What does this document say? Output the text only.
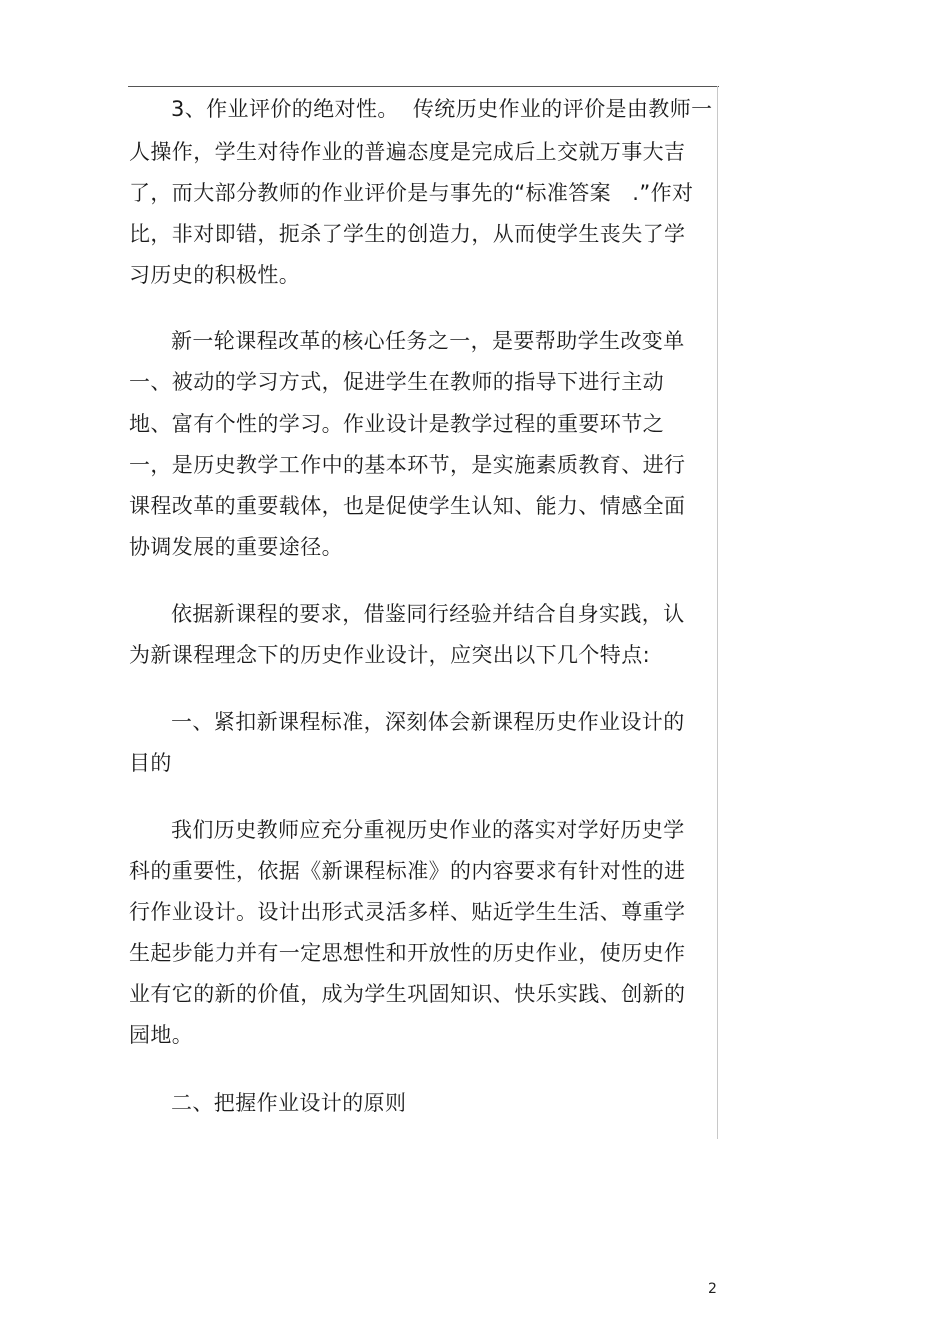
3、作业评价的绝对性。  传统历史作业的评价是由教师一
人操作，学生对待作业的普遍态度是完成后上交就万事大吉
了，而大部分教师的作业评价是与事先的“标准答案   .”作对
比，非对即错，扼杀了学生的创造力，从而使学生丧失了学
习历史的积极性。
新一轮课程改革的核心任务之一，是要帮助学生改变单
一、被动的学习方式，促进学生在教师的指导下进行主动
地、富有个性的学习。作业设计是教学过程的重要环节之
一，是历史教学工作中的基本环节，是实施素质教育、进行
课程改革的重要载体，也是促使学生认知、能力、情感全面
协调发展的重要途径。
依据新课程的要求，借鉴同行经验并结合自身实践，认
为新课程理念下的历史作业设计，应突出以下几个特点:
一、紧扣新课程标准，深刻体会新课程历史作业设计的
目的
我们历史教师应充分重视历史作业的落实对学好历史学
科的重要性，依据《新课程标准》的内容要求有针对性的进
行作业设计。设计出形式灵活多样、贴近学生生活、尊重学
生起步能力并有一定思想性和开放性的历史作业，使历史作
业有它的新的价值，成为学生巩固知识、快乐实践、创新的
园地。
二、把握作业设计的原则
2
